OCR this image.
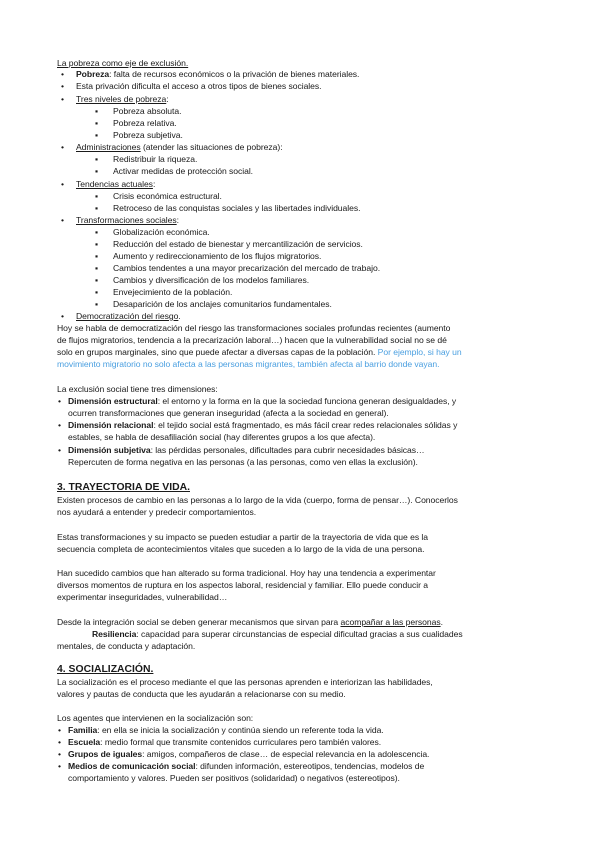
La pobreza como eje de exclusión.
• Pobreza: falta de recursos económicos o la privación de bienes materiales.
• Esta privación dificulta el acceso a otros tipos de bienes sociales.
• Tres niveles de pobreza:
▪ Pobreza absoluta.
▪ Pobreza relativa.
▪ Pobreza subjetiva.
• Administraciones (atender las situaciones de pobreza):
▪ Redistribuir la riqueza.
▪ Activar medidas de protección social.
• Tendencias actuales:
▪ Crisis económica estructural.
▪ Retroceso de las conquistas sociales y las libertades individuales.
• Transformaciones sociales:
▪ Globalización económica.
▪ Reducción del estado de bienestar y mercantilización de servicios.
▪ Aumento y redireccionamiento de los flujos migratorios.
▪ Cambios tendentes a una mayor precarización del mercado de trabajo.
▪ Cambios y diversificación de los modelos familiares.
▪ Envejecimiento de la población.
▪ Desaparición de los anclajes comunitarios fundamentales.
• Democratización del riesgo.
Hoy se habla de democratización del riesgo las transformaciones sociales profundas recientes (aumento
de flujos migratorios, tendencia a la precarización laboral…) hacen que la vulnerabilidad social no se dé
solo en grupos marginales, sino que puede afectar a diversas capas de la población. Por ejemplo, si hay un
movimiento migratorio no solo afecta a las personas migrantes, también afecta al barrio donde vayan.
La exclusión social tiene tres dimensiones:
• Dimensión estructural: el entorno y la forma en la que la sociedad funciona generan desigualdades, y
ocurren transformaciones que generan inseguridad (afecta a la sociedad en general).
• Dimensión relacional: el tejido social está fragmentado, es más fácil crear redes relacionales sólidas y
estables, se habla de desafiliación social (hay diferentes grupos a los que afecta).
• Dimensión subjetiva: las pérdidas personales, dificultades para cubrir necesidades básicas…
Repercuten de forma negativa en las personas (a las personas, como ven ellas la exclusión).
3. TRAYECTORIA DE VIDA.
Existen procesos de cambio en las personas a lo largo de la vida (cuerpo, forma de pensar…). Conocerlos
nos ayudará a entender y predecir comportamientos.
Estas transformaciones y su impacto se pueden estudiar a partir de la trayectoria de vida que es la
secuencia completa de acontecimientos vitales que suceden a lo largo de la vida de una persona.
Han sucedido cambios que han alterado su forma tradicional. Hoy hay una tendencia a experimentar
diversos momentos de ruptura en los aspectos laboral, residencial y familiar. Ello puede conducir a
experimentar inseguridades, vulnerabilidad…
Desde la integración social se deben generar mecanismos que sirvan para acompañar a las personas.
Resiliencia: capacidad para superar circunstancias de especial dificultad gracias a sus cualidades
mentales, de conducta y adaptación.
4. SOCIALIZACIÓN.
La socialización es el proceso mediante el que las personas aprenden e interiorizan las habilidades,
valores y pautas de conducta que les ayudarán a relacionarse con su medio.
Los agentes que intervienen en la socialización son:
• Familia: en ella se inicia la socialización y continúa siendo un referente toda la vida.
• Escuela: medio formal que transmite contenidos curriculares pero también valores.
• Grupos de iguales: amigos, compañeros de clase… de especial relevancia en la adolescencia.
• Medios de comunicación social: difunden información, estereotipos, tendencias, modelos de
comportamiento y valores. Pueden ser positivos (solidaridad) o negativos (estereotipos).
